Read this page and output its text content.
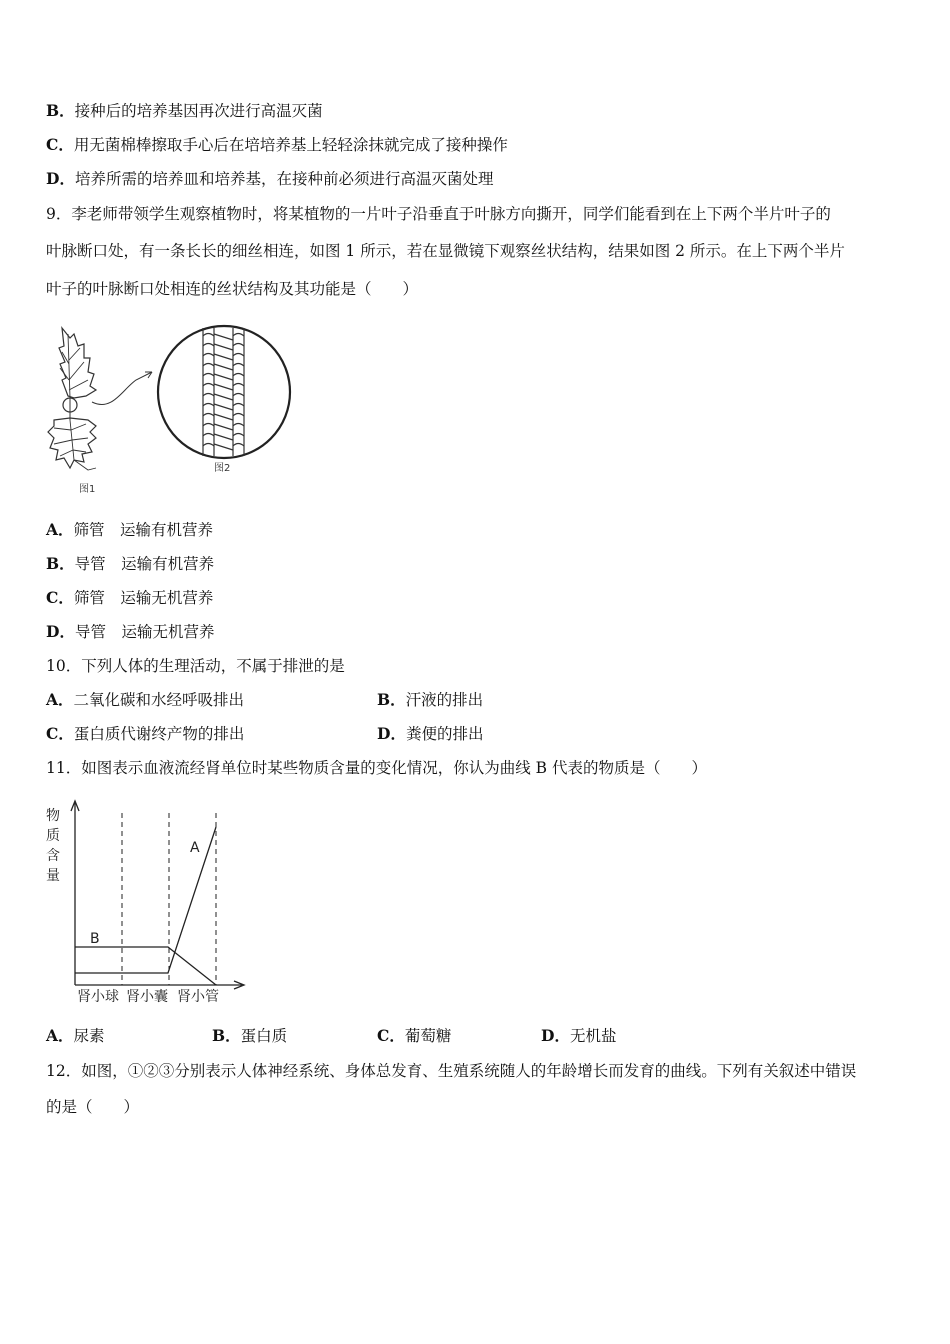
B．接种后的培养基因再次进行高温灭菌
C．用无菌棉棒擦取手心后在培培养基上轻轻涂抹就完成了接种操作
D．培养所需的培养皿和培养基，在接种前必须进行高温灭菌处理
9．李老师带领学生观察植物时，将某植物的一片叶子沿垂直于叶脉方向撕开，同学们能看到在上下两个半片叶子的
叶脉断口处，有一条长长的细丝相连，如图 1 所示，若在显微镜下观察丝状结构，结果如图 2 所示。在上下两个半片
叶子的叶脉断口处相连的丝状结构及其功能是（　　）
图2
图1
A．筛管　运输有机营养
B．导管　运输有机营养
C．筛管　运输无机营养
D．导管　运输无机营养
10．下列人体的生理活动，不属于排泄的是
A．二氧化碳和水经呼吸排出	B．汗液的排出
C．蛋白质代谢终产物的排出	D．粪便的排出
11．如图表示血液流经肾单位时某些物质含量的变化情况，你认为曲线 B 代表的物质是（　　）
物
质
含
量
B
A
肾小球 肾小囊 肾小管
A．尿素	B．蛋白质	C．葡萄糖	D．无机盐
12．如图，①②③分别表示人体神经系统、身体总发育、生殖系统随人的年龄增长而发育的曲线。下列有关叙述中错误
的是（　　）
